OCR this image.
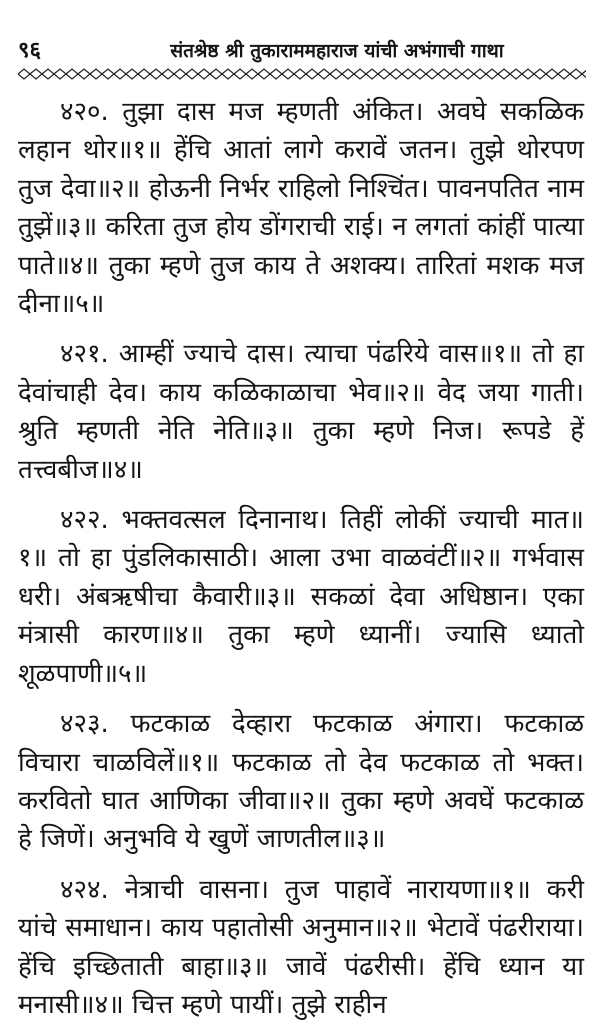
९६	संतश्रेष्ठ श्री तुकाराममहाराज यांची अभंगाची गाथा

४२०. तुझा दास मज म्हणती अंकित। अवघे सकळिक लहान थोर॥१॥ हेंचि आतां लागे करावें जतन। तुझे थोरपण तुज देवा॥२॥ होऊनी निर्भर राहिलो निश्चिंत। पावनपतित नाम तुझें॥३॥ करिता तुज होय डोंगराची राई। न लगतां कांहीं पात्या पाते॥४॥ तुका म्हणे तुज काय ते अशक्य। तारितां मशक मज दीना॥५॥

४२१. आम्हीं ज्याचे दास। त्याचा पंढरिये वास॥१॥ तो हा देवांचाही देव। काय कळिकाळाचा भेव॥२॥ वेद जया गाती। श्रुति म्हणती नेति नेति॥३॥ तुका म्हणे निज। रूपडे हें तत्त्वबीज॥४॥

४२२. भक्तवत्सल दिनानाथ। तिहीं लोकीं ज्याची मात॥१॥ तो हा पुंडलिकासाठी। आला उभा वाळवंटीं॥२॥ गर्भवास धरी। अंबऋषीचा कैवारी॥३॥ सकळां देवा अधिष्ठान। एका मंत्रासी कारण॥४॥ तुका म्हणे ध्यानीं। ज्यासि ध्यातो शूळपाणी॥५॥

४२३. फटकाळ देव्हारा फटकाळ अंगारा। फटकाळ विचारा चाळविलें॥१॥ फटकाळ तो देव फटकाळ तो भक्त। करवितो घात आणिका जीवा॥२॥ तुका म्हणे अवघें फटकाळ हे जिणें। अनुभवि ये खुणें जाणतील॥३॥

४२४. नेत्राची वासना। तुज पाहावें नारायणा॥१॥ करी यांचे समाधान। काय पहातोसी अनुमान॥२॥ भेटावें पंढरीराया। हेंचि इच्छिताती बाहा॥३॥ जावें पंढरीसी। हेंचि ध्यान या मनासी॥४॥ चित्त म्हणे पायीं। तुझे राहीन
